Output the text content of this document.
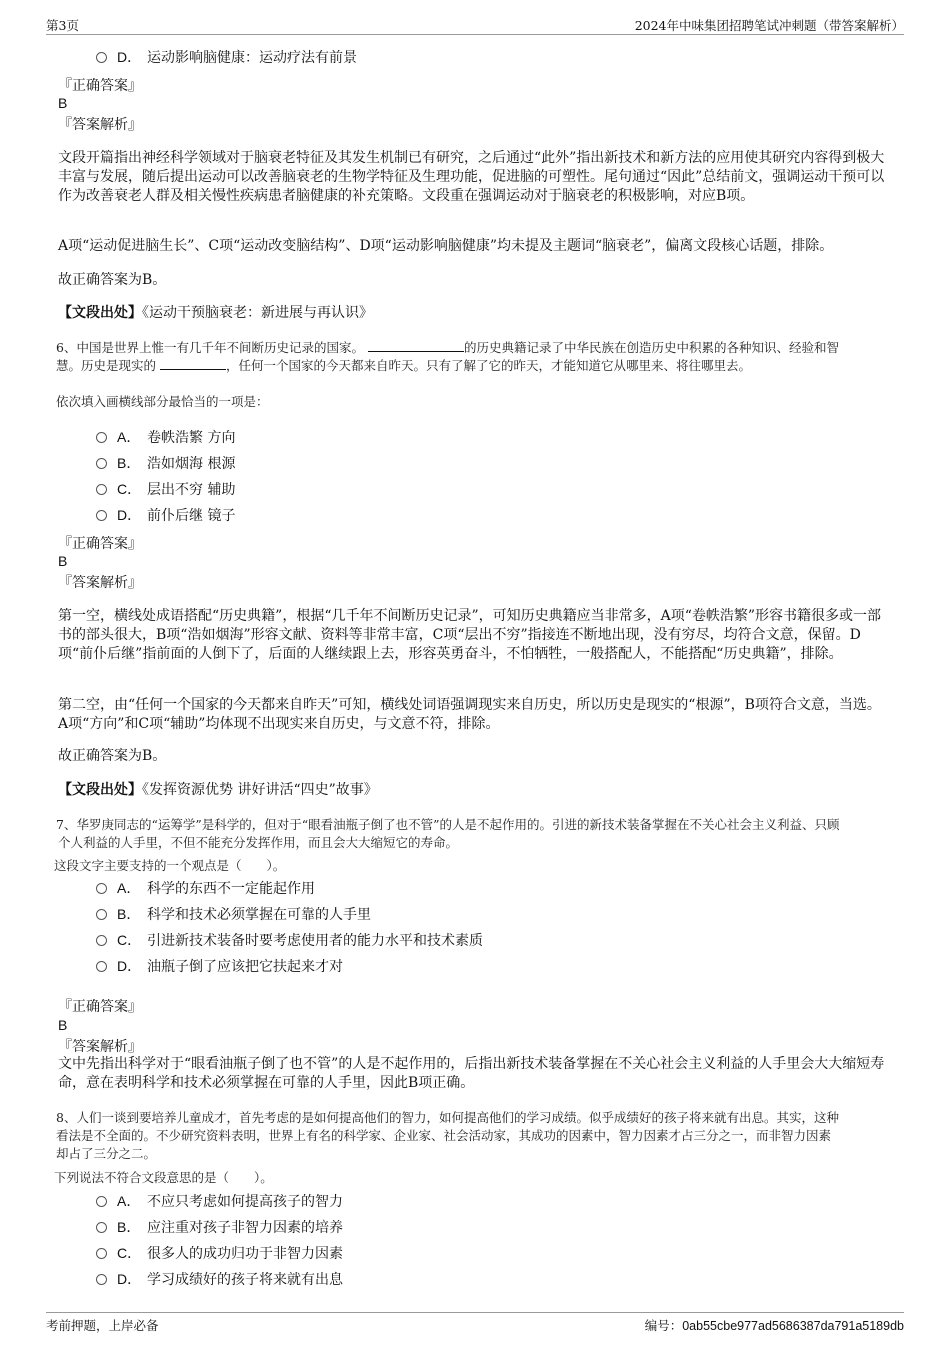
第3页	2024年中味集团招聘笔试冲刺题（带答案解析）
D． 运动影响脑健康：运动疗法有前景
『正确答案』
B
『答案解析』
文段开篇指出神经科学领域对于脑衰老特征及其发生机制已有研究，之后通过“此外”指出新技术和新方法的应用使其研究内容得到极大丰富与发展，随后提出运动可以改善脑衰老的生物学特征及生理功能，促进脑的可塑性。尾句通过“因此”总结前文，强调运动干预可以作为改善衰老人群及相关慢性疾病患者脑健康的补充策略。文段重在强调运动对于脑衰老的积极影响，对应B项。
A项“运动促进脑生长”、C项“运动改变脑结构”、D项“运动影响脑健康”均未提及主题词“脑衰老”，偏离文段核心话题，排除。
故正确答案为B。
【文段出处】《运动干预脑衰老：新进展与再认识》
6、中国是世界上惟一有几千年不间断历史记录的国家。	的历史典籍记录了中华民族在创造历史中积累的各种知识、经验和智
慧。历史是现实的	，任何一个国家的今天都来自昨天。只有了解了它的昨天，才能知道它从哪里来、将往哪里去。
依次填入画横线部分最恰当的一项是：
A． 卷帙浩繁 方向
B． 浩如烟海 根源
C． 层出不穷 辅助
D． 前仆后继 镜子
『正确答案』
B
『答案解析』
第一空，横线处成语搭配“历史典籍”，根据“几千年不间断历史记录”，可知历史典籍应当非常多，A项“卷帙浩繁”形容书籍很多或一部书的部头很大，B项“浩如烟海”形容文献、资料等非常丰富，C项“层出不穷”指接连不断地出现，没有穷尽，均符合文意，保留。D项“前仆后继”指前面的人倒下了，后面的人继续跟上去，形容英勇奋斗，不怕牺牲，一般搭配人，不能搭配“历史典籍”，排除。
第二空，由“任何一个国家的今天都来自昨天”可知，横线处词语强调现实来自历史，所以历史是现实的“根源”，B项符合文意，当选。A项“方向”和C项“辅助”均体现不出现实来自历史，与文意不符，排除。
故正确答案为B。
【文段出处】《发挥资源优势 讲好讲活“四史”故事》
7、华罗庚同志的“运筹学”是科学的，但对于“眼看油瓶子倒了也不管”的人是不起作用的。引进的新技术装备掌握在不关心社会主义利益、只顾
个人利益的人手里，不但不能充分发挥作用，而且会大大缩短它的寿命。
这段文字主要支持的一个观点是（　　）。
A． 科学的东西不一定能起作用
B． 科学和技术必须掌握在可靠的人手里
C． 引进新技术装备时要考虑使用者的能力水平和技术素质
D． 油瓶子倒了应该把它扶起来才对
『正确答案』
B
『答案解析』
文中先指出科学对于“眼看油瓶子倒了也不管”的人是不起作用的，后指出新技术装备掌握在不关心社会主义利益的人手里会大大缩短寿命，意在表明科学和技术必须掌握在可靠的人手里，因此B项正确。
8、人们一谈到要培养儿童成才，首先考虑的是如何提高他们的智力，如何提高他们的学习成绩。似乎成绩好的孩子将来就有出息。其实，这种
看法是不全面的。不少研究资料表明，世界上有名的科学家、企业家、社会活动家，其成功的因素中，智力因素才占三分之一，而非智力因素
却占了三分之二。
下列说法不符合文段意思的是（　　）。
A． 不应只考虑如何提高孩子的智力
B． 应注重对孩子非智力因素的培养
C． 很多人的成功归功于非智力因素
D． 学习成绩好的孩子将来就有出息
考前押题，上岸必备	编号：0ab55cbe977ad5686387da791a5189db
